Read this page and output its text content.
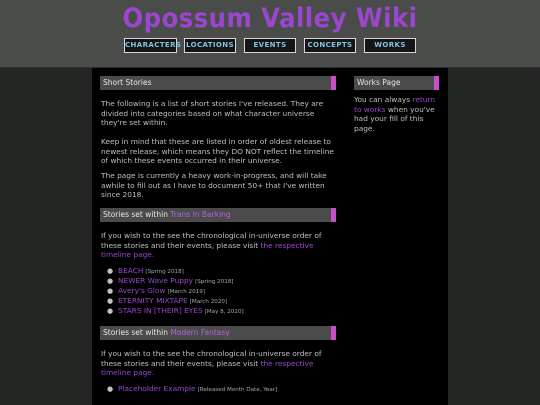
Opossum Valley Wiki
CHARACTERS LOCATIONS	EVENTS	CONCEPTS	WORKS
Short Stories

The following is a list of short stories I've released. They are divided into categories based on what character universe they're set within.

Keep in mind that these are listed in order of oldest release to newest release, which means they DO NOT reflect the timeline of which these events occurred in their universe.

The page is currently a heavy work-in-progress, and will take awhile to fill out as I have to document 50+ that I've written since 2018.

Stories set within Trans In Barking

If you wish to the see the chronological in-universe order of these stories and their events, please visit the respective timeline page.

● BEACH [Spring 2018]
● NEWER Wave Puppy [Spring 2018]
● Avery's Glow [March 2019]
● ETERNITY MIXTAPE [March 2020]
● STARS IN [THEIR] EYES [May 8, 2020]
Stories set within Modern Fantasy

If you wish to the see the chronological in-universe order of these stories and their events, please visit the respective timeline page.

● Placeholder Example [Released Month Date, Year]
Works Page

You can always return to works when you've had your fill of this page.
